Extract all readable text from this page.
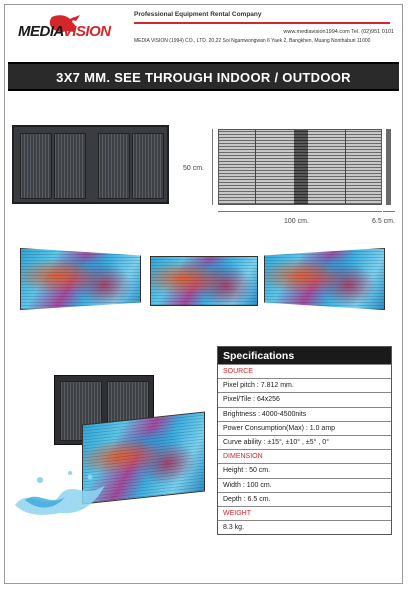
MEDIAVISION
Professional Equipment Rental Company
www.mediavision1994.com Tel. (02)951 0101
MEDIA VISION (1994) CO., LTD. 20,22 Soi Ngamwongwan 6 Yaek 2, Bangkhen, Muang Nonthaburi 11000
3X7 MM. SEE THROUGH INDOOR / OUTDOOR
50 cm.
100 cm.	6.5 cm.
Specifications
SOURCE
Pixel pitch : 7.812 mm.
Pixel/Tile : 64x256
Brightness : 4000-4500nits
Power Consumption(Max) : 1.0 amp
Curve ability : ±15°, ±10° , ±5° , 0°
DIMENSION
Height : 50 cm.
Width : 100 cm.
Depth : 6.5 cm.
WEIGHT
8.3 kg.
